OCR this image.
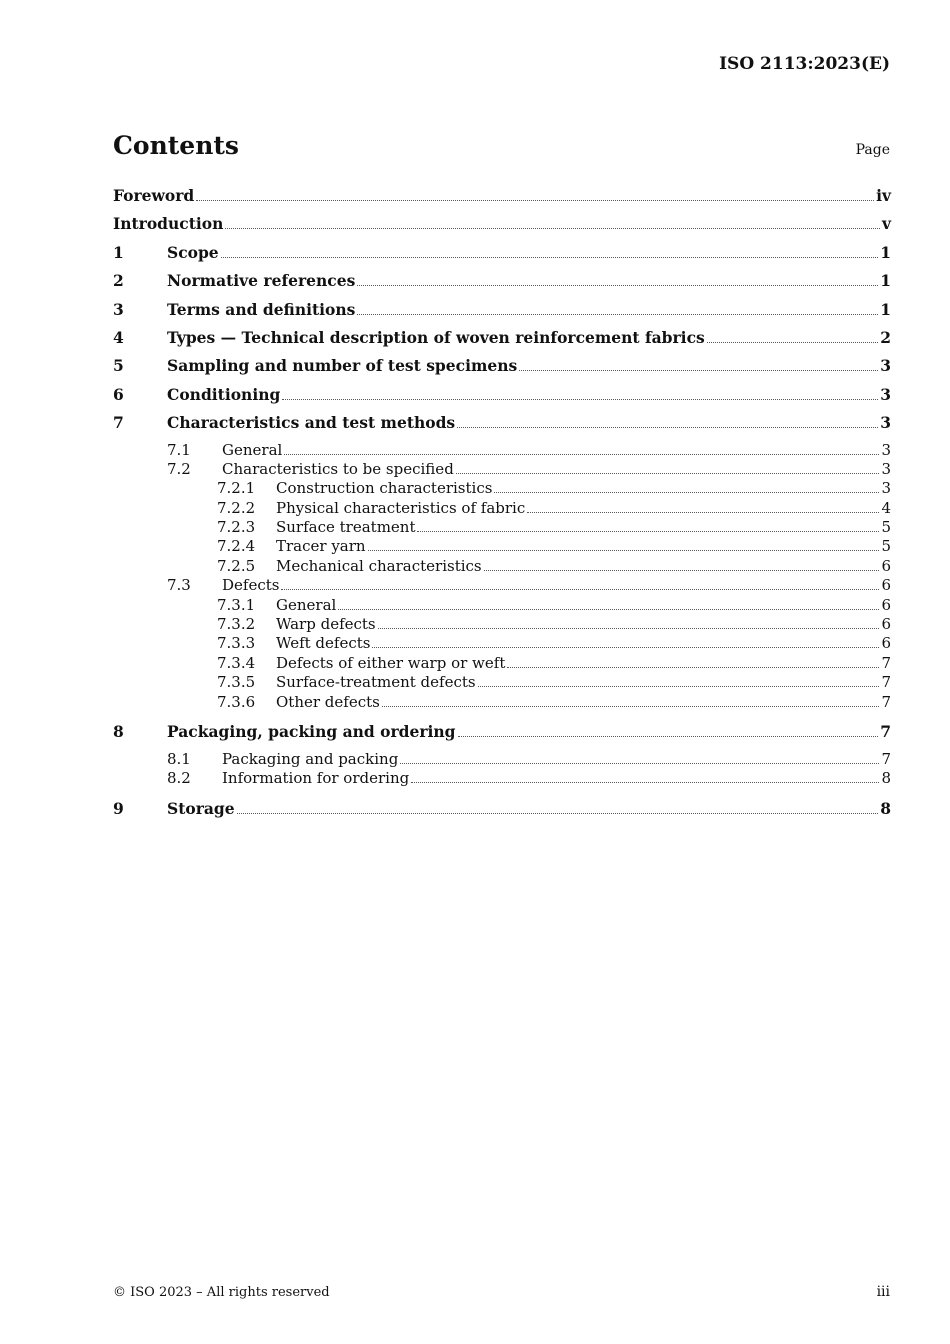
ISO 2113:2023(E)
Contents	Page
Foreword	iv
Introduction	v
1	Scope	1
2	Normative references	1
3	Terms and definitions	1
4	Types — Technical description of woven reinforcement fabrics	2
5	Sampling and number of test specimens	3
6	Conditioning	3
7	Characteristics and test methods	3
7.1 General	3
7.2 Characteristics to be specified	3
7.2.1 Construction characteristics	3
7.2.2 Physical characteristics of fabric	4
7.2.3 Surface treatment	5
7.2.4 Tracer yarn	5
7.2.5 Mechanical characteristics	6
7.3 Defects	6
7.3.1 General	6
7.3.2 Warp defects	6
7.3.3 Weft defects	6
7.3.4 Defects of either warp or weft	7
7.3.5 Surface-treatment defects	7
7.3.6 Other defects	7
8	Packaging, packing and ordering	7
8.1 Packaging and packing	7
8.2 Information for ordering	8
9	Storage	8
© ISO 2023 – All rights reserved	iii
